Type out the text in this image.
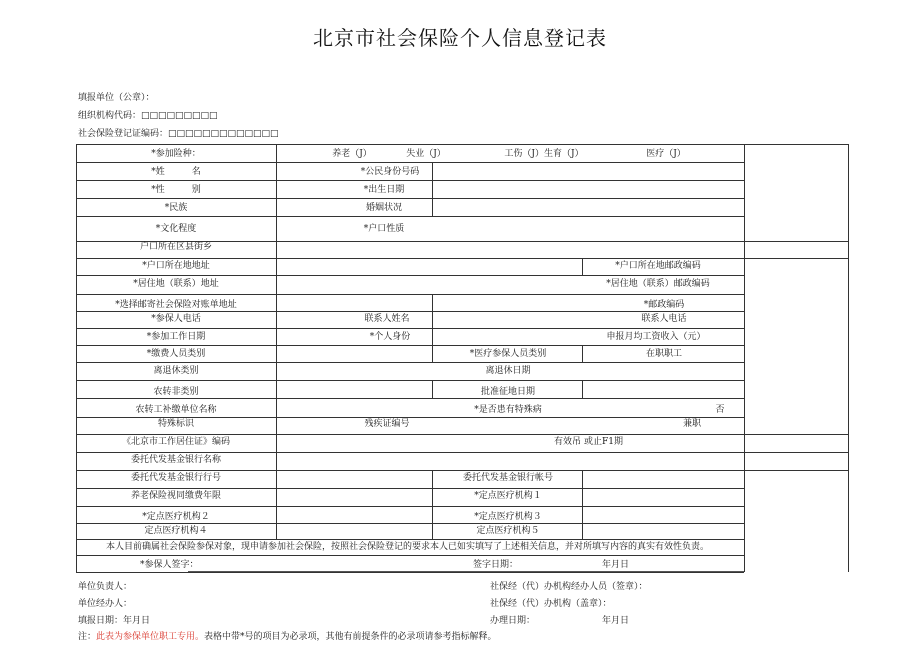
北京市社会保险个人信息登记表
填报单位（公章）：
组织机构代码：□□□□□□□□□
社会保险登记证编码：□□□□□□□□□□□□□
*参加险种：	养老（J）	失业（J）	工伤（J）生育（J）	医疗（J）
*姓　　　名	*公民身份号码
*性　　　别	*出生日期
*民族	婚姻状况
*文化程度	*户口性质
户口所在区县街乡
*户口所在地地址	*户口所在地邮政编码
*居住地（联系）地址	*居住地（联系）邮政编码
*选择邮寄社会保险对账单地址	*邮政编码
*参保人电话	联系人姓名	联系人电话
*参加工作日期	*个人身份	申报月均工资收入（元）
*缴费人员类别	*医疗参保人员类别	在职职工
离退休类别	离退休日期
农转非类别	批准征地日期
农转工补缴单位名称	*是否患有特殊病	否
特殊标识	残疾证编号	兼职
《北京市工作居住证》编码	有效吊 或止F1期
委托代发基金银行名称
委托代发基金银行行号	委托代发基金银行帐号
养老保险视同缴费年限	*定点医疗机构１
*定点医疗机构２	*定点医疗机构３
定点医疗机构４	定点医疗机构５
本人目前确属社会保险参保对象，现申请参加社会保险，按照社会保险登记的要求本人已如实填写了上述相关信息，并对所填写内容的真实有效性负责。
*参保人签字：	签字日期：	年月日
单位负责人：	社保经（代）办机构经办人员（签章）：
单位经办人：	社保经（代）办机构（盖章）：
填报日期：年月日	办理日期：	年月日
注：此表为参保单位职工专用。表格中带*号的项目为必录项，其他有前提条件的必录项请参考指标解释。
